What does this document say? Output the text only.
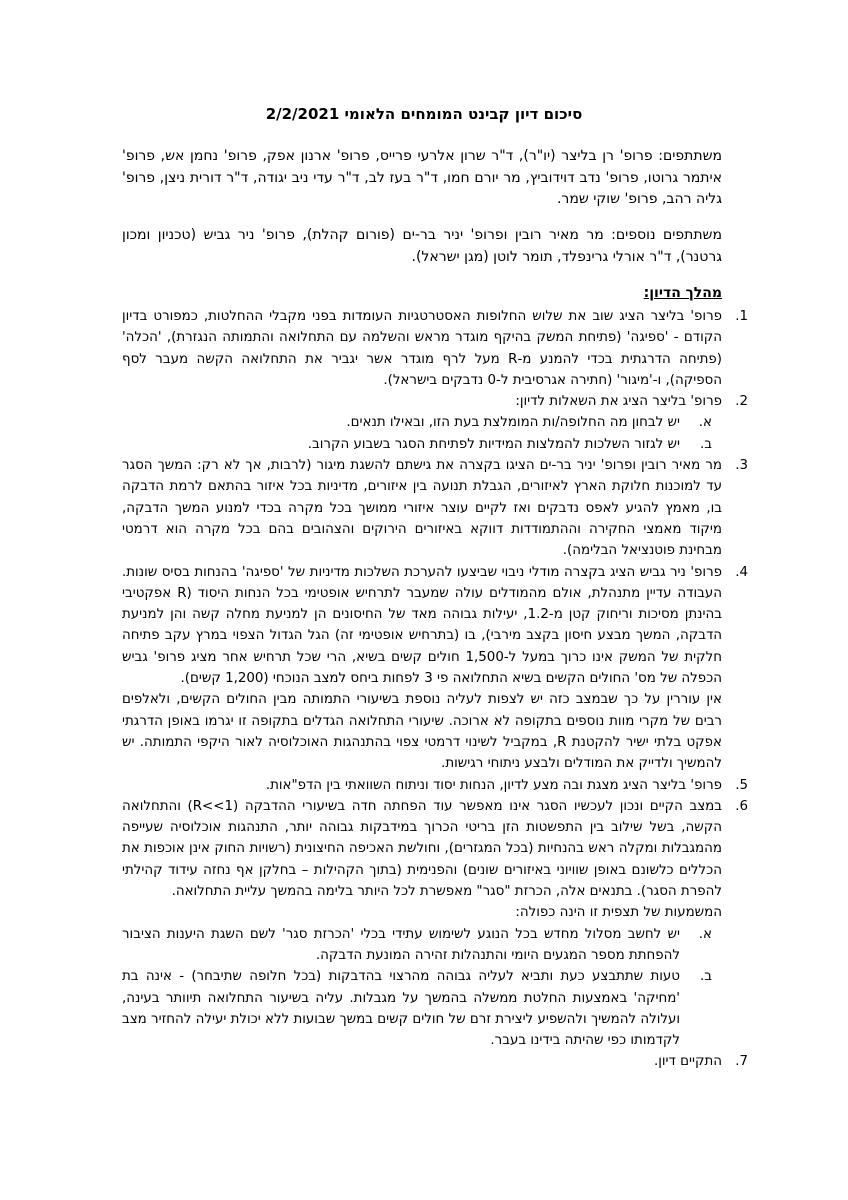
סיכום דיון קבינט המומחים הלאומי 2/2/2021
משתתפים: פרופ' רן בליצר (יו"ר), ד"ר שרון אלרעי פרייס, פרופ' ארנון אפק, פרופ' נחמן אש, פרופ' איתמר גרוטו, פרופ' נדב דוידוביץ, מר יורם חמו, ד"ר בעז לב, ד"ר עדי ניב יגודה, ד"ר דורית ניצן, פרופ' גליה רהב, פרופ' שוקי שמר.
משתתפים נוספים: מר מאיר רובין ופרופ' יניר בר-ים (פורום קהלת), פרופ' ניר גביש (טכניון ומכון גרטנר), ד"ר אורלי גרינפלד, תומר לוטן (מגן ישראל).
מהלך הדיון:
1.
פרופ' בליצר הציג שוב את שלוש החלופות האסטרטגיות העומדות בפני מקבלי ההחלטות, כמפורט בדיון הקודם - 'ספיגה' (פתיחת המשק בהיקף מוגדר מראש והשלמה עם התחלואה והתמותה הנגזרת), 'הכלה' (פתיחה הדרגתית בכדי להמנע מ-R מעל לרף מוגדר אשר יגביר את התחלואה הקשה מעבר לסף הספיקה), ו-'מיגור' (חתירה אגרסיבית ל-0 נדבקים בישראל).
2.
פרופ' בליצר הציג את השאלות לדיון:
א.
יש לבחון מה החלופה/ות המומלצת בעת הזו, ובאילו תנאים.
ב.
יש לגזור השלכות להמלצות המידיות לפתיחת הסגר בשבוע הקרוב.
3.
מר מאיר רובין ופרופ' יניר בר-ים הציגו בקצרה את גישתם להשגת מיגור (לרבות, אך לא רק: המשך הסגר עד למוכנות חלוקת הארץ לאיזורים, הגבלת תנועה בין איזורים, מדיניות בכל איזור בהתאם לרמת הדבקה בו, מאמץ להגיע לאפס נדבקים ואז לקיים עוצר איזורי ממושך בכל מקרה בכדי למנוע המשך הדבקה, מיקוד מאמצי החקירה וההתמודדות דווקא באיזורים הירוקים והצהובים בהם בכל מקרה הוא דרמטי מבחינת פוטנציאל הבלימה).
4.
פרופ' ניר גביש הציג בקצרה מודלי ניבוי שביצעו להערכת השלכות מדיניות של 'ספיגה' בהנחות בסיס שונות. העבודה עדיין מתנהלת, אולם מהמודלים עולה שמעבר לתרחיש אופטימי בכל הנחות היסוד (R אפקטיבי בהינתן מסיכות וריחוק קטן מ-1.2, יעילות גבוהה מאד של החיסונים הן למניעת מחלה קשה והן למניעת הדבקה, המשך מבצע חיסון בקצב מירבי), בו (בתרחיש אופטימי זה) הגל הגדול הצפוי במרץ עקב פתיחה חלקית של המשק אינו כרוך במעל ל-1,500 חולים קשים בשיא, הרי שכל תרחיש אחר מציג פרופ' גביש הכפלה של מס' החולים הקשים בשיא התחלואה פי 3 לפחות ביחס למצב הנוכחי (1,200 קשים).
אין עוררין על כך שבמצב כזה יש לצפות לעליה נוספת בשיעורי התמותה מבין החולים הקשים, ולאלפים רבים של מקרי מוות נוספים בתקופה לא ארוכה. שיעורי התחלואה הגדלים בתקופה זו יגרמו באופן הדרגתי אפקט בלתי ישיר להקטנת R, במקביל לשינוי דרמטי צפוי בהתנהגות האוכלוסיה לאור היקפי התמותה. יש להמשיך ולדייק את המודלים ולבצע ניתוחי רגישות.
5.
פרופ' בליצר הציג מצגת ובה מצע לדיון, הנחות יסוד וניתוח השוואתי בין הדפ"אות.
6.
במצב הקיים ונכון לעכשיו הסגר אינו מאפשר עוד הפחתה חדה בשיעורי ההדבקה (R<<1) והתחלואה הקשה, בשל שילוב בין התפשטות הזן בריטי הכרוך במידבקות גבוהה יותר, התנהגות אוכלוסיה שעייפה מהמגבלות ומקלה ראש בהנחיות (בכל המגזרים), וחולשת האכיפה החיצונית (רשויות החוק אינן אוכפות את הכללים כלשונם באופן שוויוני באיזורים שונים) והפנימית (בתוך הקהילות – בחלקן אף נחזה עידוד קהילתי להפרת הסגר). בתנאים אלה, הכרזת "סגר" מאפשרת לכל היותר בלימה בהמשך עליית התחלואה.
המשמעות של תצפית זו הינה כפולה:
א.
יש לחשב מסלול מחדש בכל הנוגע לשימוש עתידי בכלי 'הכרזת סגר' לשם השגת היענות הציבור להפחתת מספר המגעים היומי והתנהלות זהירה המונעת הדבקה.
ב.
טעות שתתבצע כעת ותביא לעליה גבוהה מהרצוי בהדבקות (בכל חלופה שתיבחר) - אינה בת 'מחיקה' באמצעות החלטת ממשלה בהמשך על מגבלות. עליה בשיעור התחלואה תיוותר בעינה, ועלולה להמשיך ולהשפיע ליצירת זרם של חולים קשים במשך שבועות ללא יכולת יעילה להחזיר מצב לקדמותו כפי שהיתה בידינו בעבר.
7.
התקיים דיון.
